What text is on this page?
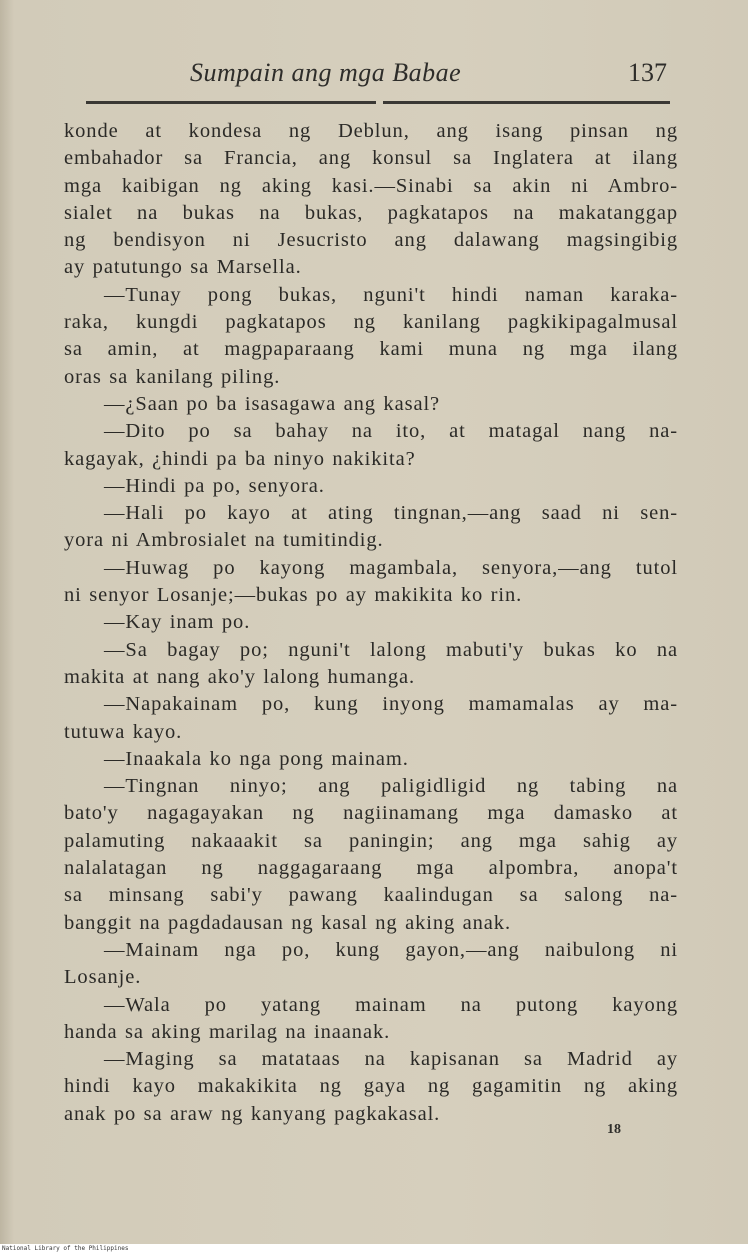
Sumpain ang mga Babae	137
konde at kondesa ng Deblun, ang isang pinsan ng
embahador sa Francia, ang konsul sa Inglatera at ilang
mga kaibigan ng aking kasi.—Sinabi sa akin ni Ambro-
sialet na bukas na bukas, pagkatapos na makatanggap
ng bendisyon ni Jesucristo ang dalawang magsingibig
ay patutungo sa Marsella.
—Tunay pong bukas, nguni't hindi naman karaka-
raka, kungdi pagkatapos ng kanilang pagkikipagalmusal
sa amin, at magpaparaang kami muna ng mga ilang
oras sa kanilang piling.
—¿Saan po ba isasagawa ang kasal?
—Dito po sa bahay na ito, at matagal nang na-
kagayak, ¿hindi pa ba ninyo nakikita?
—Hindi pa po, senyora.
—Hali po kayo at ating tingnan,—ang saad ni sen-
yora ni Ambrosialet na tumitindig.
—Huwag po kayong magambala, senyora,—ang tutol
ni senyor Losanje;—bukas po ay makikita ko rin.
—Kay inam po.
—Sa bagay po; nguni't lalong mabuti'y bukas ko na
makita at nang ako'y lalong humanga.
—Napakainam po, kung inyong mamamalas ay ma-
tutuwa kayo.
—Inaakala ko nga pong mainam.
—Tingnan ninyo; ang paligidligid ng tabing na
bato'y nagagayakan ng nagiinamang mga damasko at
palamuting nakaaakit sa paningin; ang mga sahig ay
nalalatagan ng naggagaraang mga alpombra, anopa't
sa minsang sabi'y pawang kaalindugan sa salong na-
banggit na pagdadausan ng kasal ng aking anak.
—Mainam nga po, kung gayon,—ang naibulong ni
Losanje.
—Wala po yatang mainam na putong kayong
handa sa aking marilag na inaanak.
—Maging sa matataas na kapisanan sa Madrid ay
hindi kayo makakikita ng gaya ng gagamitin ng aking
anak po sa araw ng kanyang pagkakasal.
18
National Library of the Philippines
